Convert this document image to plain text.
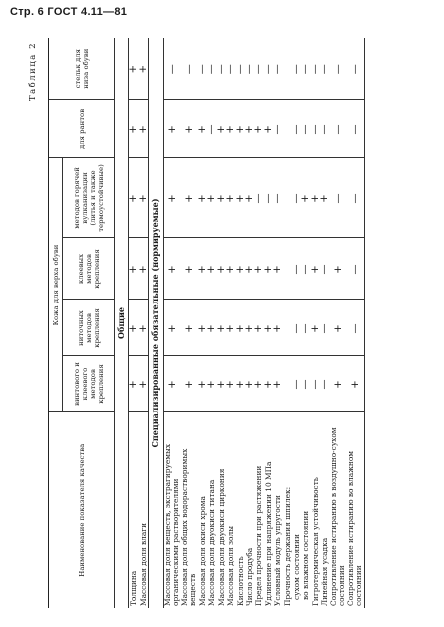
Стр. 6 ГОСТ 4.11—81
Таблица 2
Наименование показателя качества	Кожа для верха обуви				для рантов	стельк для низа обуви
	винтового и клеевого методов крепления	ниточных методов крепления	клеевых методов крепления	методов горячей вулканизации (литья и также термоустойчивые)		
Общие						
Толщина	+	+	+	+	+	+
Массовая доля влаги	+	+	+	+	+	+
Специализированные обязательные (нормируемые)						
Массовая доля веществ, экстрагируемых органическими растворителями	+	+	+	+	+	—
Массовая доля общих водорастворимых веществ	+	+	+	+	+	—
Массовая доля окиси хрома	+	+	+	+	+	—
Массовая доля двуокиси титана	+	+	+	+	—	—
Массовая доля двуокиси циркония	+	+	+	+	+	—
Массовая доля золы	+	+	+	+	+	—
Кислотность	+	+	+	+	+	—
Число продуба	+	+	+	+	+	—
Предел прочности при растяжении	+	+	+	—	+	—
Удлинение при напряжении 10 МПа	+	+	+	—	+	—
Условный модуль упругости	+	+	+	—	—	—
Прочность держания шпилек:						
сухом состоянии	—	—	—	—	—	—
во влажном состоянии	—	—	—	+	—	—
Гигротермическая устойчивость	—	+	+	+	—	—
Линейная усадка	—	—	—	+	—	—
Сопротивление истиранию в воздушно-сухом состоянии	+	+	+	—	—	—
Сопротивление истиранию во влажном состоянии	+	—	—	—	—	—
